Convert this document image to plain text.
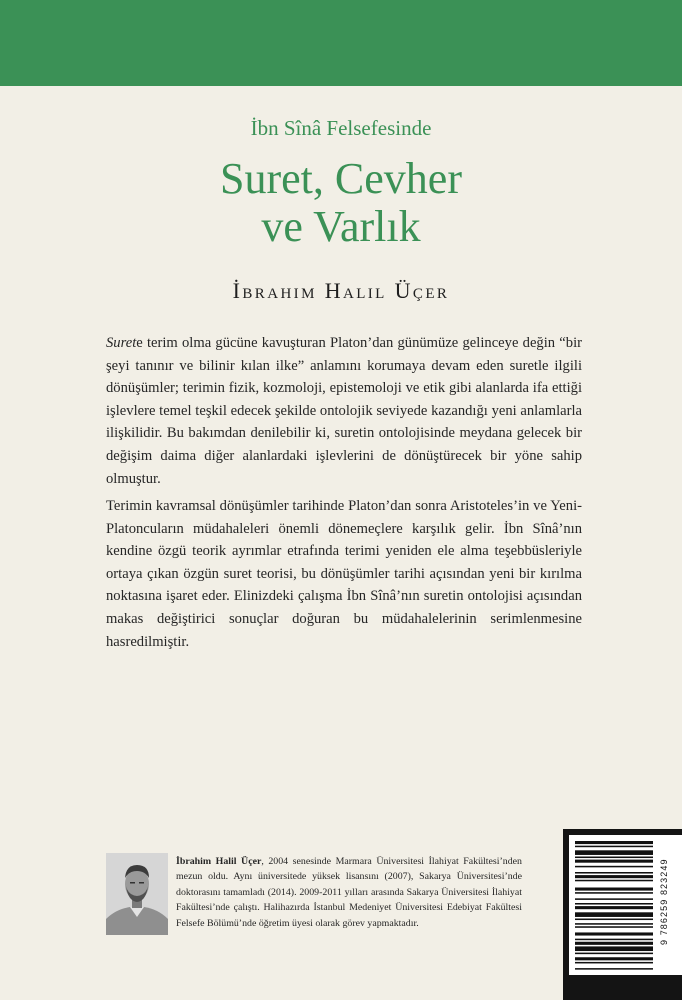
İbn Sînâ Felsefesinde
Suret, Cevher
ve Varlık
İbrahim Halil Üçer

Surete terim olma gücüne kavuşturan Platon’dan günümüze gelinceye değin “bir şeyi tanınır ve bilinir kılan ilke” anlamını korumaya devam eden suretle ilgili dönüşümler; terimin fizik, kozmoloji, epistemoloji ve etik gibi alanlarda ifa ettiği işlevlere temel teşkil edecek şekilde ontolojik seviyede kazandığı yeni anlamlarla ilişkilidir. Bu bakımdan denilebilir ki, suretin ontolojisinde meydana gelecek bir değişim daima diğer alanlardaki işlevlerini de dönüştürecek bir yöne sahip olmuştur.

Terimin kavramsal dönüşümler tarihinde Platon’dan sonra Aristoteles’in ve Yeni-Platoncuların müdahaleleri önemli dönemeçlere karşılık gelir. İbn Sînâ’nın kendine özgü teorik ayrımlar etrafında terimi yeniden ele alma teşebbüsleriyle ortaya çıkan özgün suret teorisi, bu dönüşümler tarihi açısından yeni bir kırılma noktasına işaret eder. Elinizdeki çalışma İbn Sînâ’nın suretin ontolojisi açısından makas değiştirici sonuçlar doğuran bu müdahalelerinin serimlenmesine hasredilmiştir.

İbrahim Halil Üçer, 2004 senesinde Marmara Üniversitesi İlahiyat Fakültesi’nden mezun oldu. Aynı üniversitede yüksek lisansını (2007), Sakarya Üniversitesi’nde doktorasını tamamladı (2014). 2009-2011 yılları arasında Sakarya Üniversitesi İlahiyat Fakültesi’nde çalıştı. Halihazırda İstanbul Medeniyet Üniversitesi Edebiyat Fakültesi Felsefe Bölümü’nde öğretim üyesi olarak görev yapmaktadır.	9 786259 823249
